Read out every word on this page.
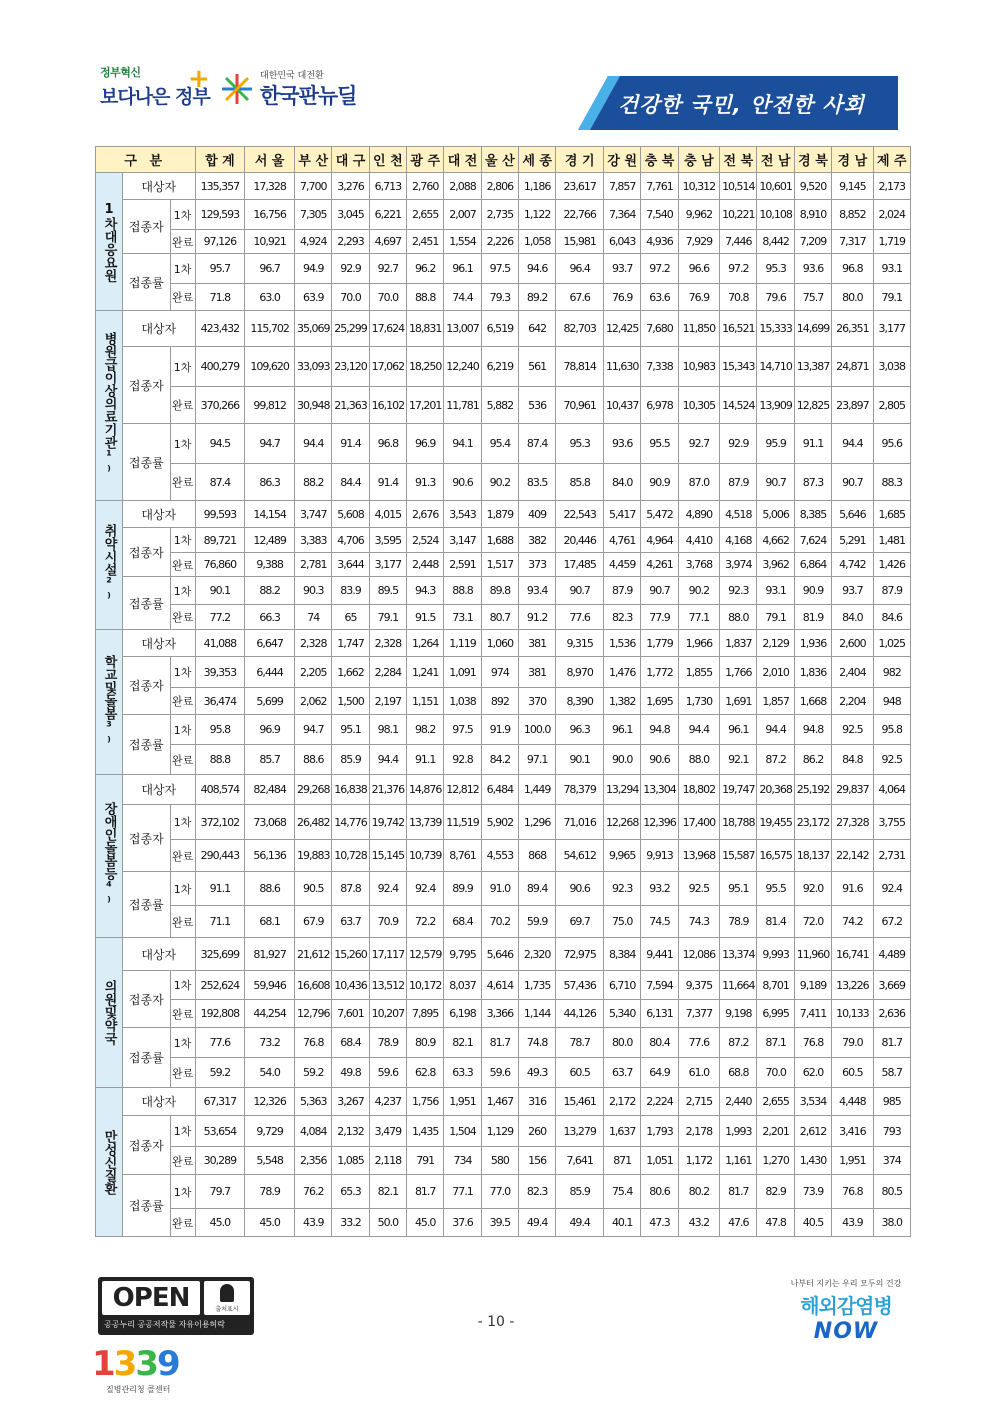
정부혁신
보다나은 정부
+	대한민국 대전환
한국판뉴딜	건강한 국민, 안전한 사회
구 분			합 계	서 울	부 산	대 구	인 천	광 주	대 전	울 산	세 종	경 기	강 원	충 북	충 남	전 북	전 남	경 북	경 남	제 주
1차대응요원	대상자		135,357	17,328	7,700	3,276	6,713	2,760	2,088	2,806	1,186	23,617	7,857	7,761	10,312	10,514	10,601	9,520	9,145	2,173
	접종자	1차	129,593	16,756	7,305	3,045	6,221	2,655	2,007	2,735	1,122	22,766	7,364	7,540	9,962	10,221	10,108	8,910	8,852	2,024
		완료	97,126	10,921	4,924	2,293	4,697	2,451	1,554	2,226	1,058	15,981	6,043	4,936	7,929	7,446	8,442	7,209	7,317	1,719
	접종률	1차	95.7	96.7	94.9	92.9	92.7	96.2	96.1	97.5	94.6	96.4	93.7	97.2	96.6	97.2	95.3	93.6	96.8	93.1
		완료	71.8	63.0	63.9	70.0	70.0	88.8	74.4	79.3	89.2	67.6	76.9	63.6	76.9	70.8	79.6	75.7	80.0	79.1
병원급이상의료기관¹⁾	대상자		423,432	115,702	35,069	25,299	17,624	18,831	13,007	6,519	642	82,703	12,425	7,680	11,850	16,521	15,333	14,699	26,351	3,177
	접종자	1차	400,279	109,620	33,093	23,120	17,062	18,250	12,240	6,219	561	78,814	11,630	7,338	10,983	15,343	14,710	13,387	24,871	3,038
		완료	370,266	99,812	30,948	21,363	16,102	17,201	11,781	5,882	536	70,961	10,437	6,978	10,305	14,524	13,909	12,825	23,897	2,805
	접종률	1차	94.5	94.7	94.4	91.4	96.8	96.9	94.1	95.4	87.4	95.3	93.6	95.5	92.7	92.9	95.9	91.1	94.4	95.6
		완료	87.4	86.3	88.2	84.4	91.4	91.3	90.6	90.2	83.5	85.8	84.0	90.9	87.0	87.9	90.7	87.3	90.7	88.3
취약시설²⁾	대상자		99,593	14,154	3,747	5,608	4,015	2,676	3,543	1,879	409	22,543	5,417	5,472	4,890	4,518	5,006	8,385	5,646	1,685
	접종자	1차	89,721	12,489	3,383	4,706	3,595	2,524	3,147	1,688	382	20,446	4,761	4,964	4,410	4,168	4,662	7,624	5,291	1,481
		완료	76,860	9,388	2,781	3,644	3,177	2,448	2,591	1,517	373	17,485	4,459	4,261	3,768	3,974	3,962	6,864	4,742	1,426
	접종률	1차	90.1	88.2	90.3	83.9	89.5	94.3	88.8	89.8	93.4	90.7	87.9	90.7	90.2	92.3	93.1	90.9	93.7	87.9
		완료	77.2	66.3	74	65	79.1	91.5	73.1	80.7	91.2	77.6	82.3	77.9	77.1	88.0	79.1	81.9	84.0	84.6
학교및돌봄³⁾	대상자		41,088	6,647	2,328	1,747	2,328	1,264	1,119	1,060	381	9,315	1,536	1,779	1,966	1,837	2,129	1,936	2,600	1,025
	접종자	1차	39,353	6,444	2,205	1,662	2,284	1,241	1,091	974	381	8,970	1,476	1,772	1,855	1,766	2,010	1,836	2,404	982
		완료	36,474	5,699	2,062	1,500	2,197	1,151	1,038	892	370	8,390	1,382	1,695	1,730	1,691	1,857	1,668	2,204	948
	접종률	1차	95.8	96.9	94.7	95.1	98.1	98.2	97.5	91.9	100.0	96.3	96.1	94.8	94.4	96.1	94.4	94.8	92.5	95.8
		완료	88.8	85.7	88.6	85.9	94.4	91.1	92.8	84.2	97.1	90.1	90.0	90.6	88.0	92.1	87.2	86.2	84.8	92.5
장애인돌봄등⁴⁾	대상자		408,574	82,484	29,268	16,838	21,376	14,876	12,812	6,484	1,449	78,379	13,294	13,304	18,802	19,747	20,368	25,192	29,837	4,064
	접종자	1차	372,102	73,068	26,482	14,776	19,742	13,739	11,519	5,902	1,296	71,016	12,268	12,396	17,400	18,788	19,455	23,172	27,328	3,755
		완료	290,443	56,136	19,883	10,728	15,145	10,739	8,761	4,553	868	54,612	9,965	9,913	13,968	15,587	16,575	18,137	22,142	2,731
	접종률	1차	91.1	88.6	90.5	87.8	92.4	92.4	89.9	91.0	89.4	90.6	92.3	93.2	92.5	95.1	95.5	92.0	91.6	92.4
		완료	71.1	68.1	67.9	63.7	70.9	72.2	68.4	70.2	59.9	69.7	75.0	74.5	74.3	78.9	81.4	72.0	74.2	67.2
의원및약국	대상자		325,699	81,927	21,612	15,260	17,117	12,579	9,795	5,646	2,320	72,975	8,384	9,441	12,086	13,374	9,993	11,960	16,741	4,489
	접종자	1차	252,624	59,946	16,608	10,436	13,512	10,172	8,037	4,614	1,735	57,436	6,710	7,594	9,375	11,664	8,701	9,189	13,226	3,669
		완료	192,808	44,254	12,796	7,601	10,207	7,895	6,198	3,366	1,144	44,126	5,340	6,131	7,377	9,198	6,995	7,411	10,133	2,636
	접종률	1차	77.6	73.2	76.8	68.4	78.9	80.9	82.1	81.7	74.8	78.7	80.0	80.4	77.6	87.2	87.1	76.8	79.0	81.7
		완료	59.2	54.0	59.2	49.8	59.6	62.8	63.3	59.6	49.3	60.5	63.7	64.9	61.0	68.8	70.0	62.0	60.5	58.7
만성신질환	대상자		67,317	12,326	5,363	3,267	4,237	1,756	1,951	1,467	316	15,461	2,172	2,224	2,715	2,440	2,655	3,534	4,448	985
	접종자	1차	53,654	9,729	4,084	2,132	3,479	1,435	1,504	1,129	260	13,279	1,637	1,793	2,178	1,993	2,201	2,612	3,416	793
		완료	30,289	5,548	2,356	1,085	2,118	791	734	580	156	7,641	871	1,051	1,172	1,161	1,270	1,430	1,951	374
	접종률	1차	79.7	78.9	76.2	65.3	82.1	81.7	77.1	77.0	82.3	85.9	75.4	80.6	80.2	81.7	82.9	73.9	76.8	80.5
		완료	45.0	45.0	43.9	33.2	50.0	45.0	37.6	39.5	49.4	49.4	40.1	47.3	43.2	47.6	47.8	40.5	43.9	38.0
OPEN	출처표시
공공누리 공공저작물 자유이용허락	- 10 -
나부터 지키는 우리 모두의 건강
해외감염병
NOW
1339
질병관리청 콜센터
